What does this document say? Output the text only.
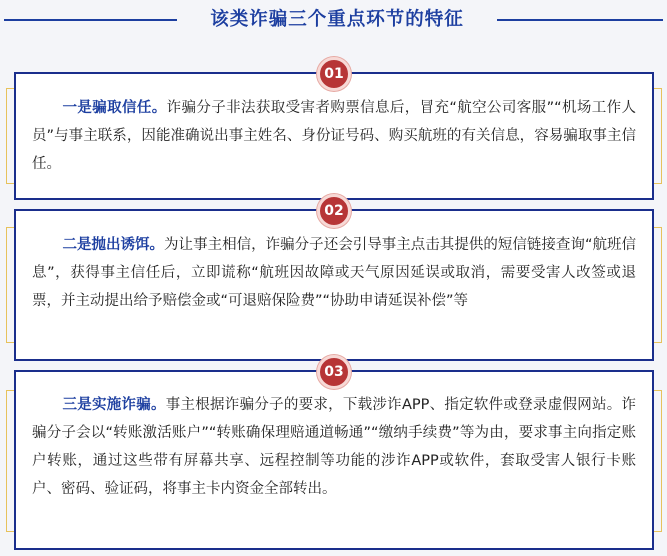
该类诈骗三个重点环节的特征
01

一是骗取信任。诈骗分子非法获取受害者购票信息后，冒充“航空公司客服”“机场工作人员”与事主联系，因能准确说出事主姓名、身份证号码、购买航班的有关信息，容易骗取事主信任。

02

二是抛出诱饵。为让事主相信，诈骗分子还会引导事主点击其提供的短信链接查询“航班信息”，获得事主信任后，立即谎称“航班因故障或天气原因延误或取消，需要受害人改签或退票，并主动提出给予赔偿金或“可退赔保险费”“协助申请延误补偿”等

03

三是实施诈骗。事主根据诈骗分子的要求，下载涉诈APP、指定软件或登录虚假网站。诈骗分子会以“转账激活账户”“转账确保理赔通道畅通”“缴纳手续费”等为由，要求事主向指定账户转账，通过这些带有屏幕共享、远程控制等功能的涉诈APP或软件，套取受害人银行卡账户、密码、验证码，将事主卡内资金全部转出。
